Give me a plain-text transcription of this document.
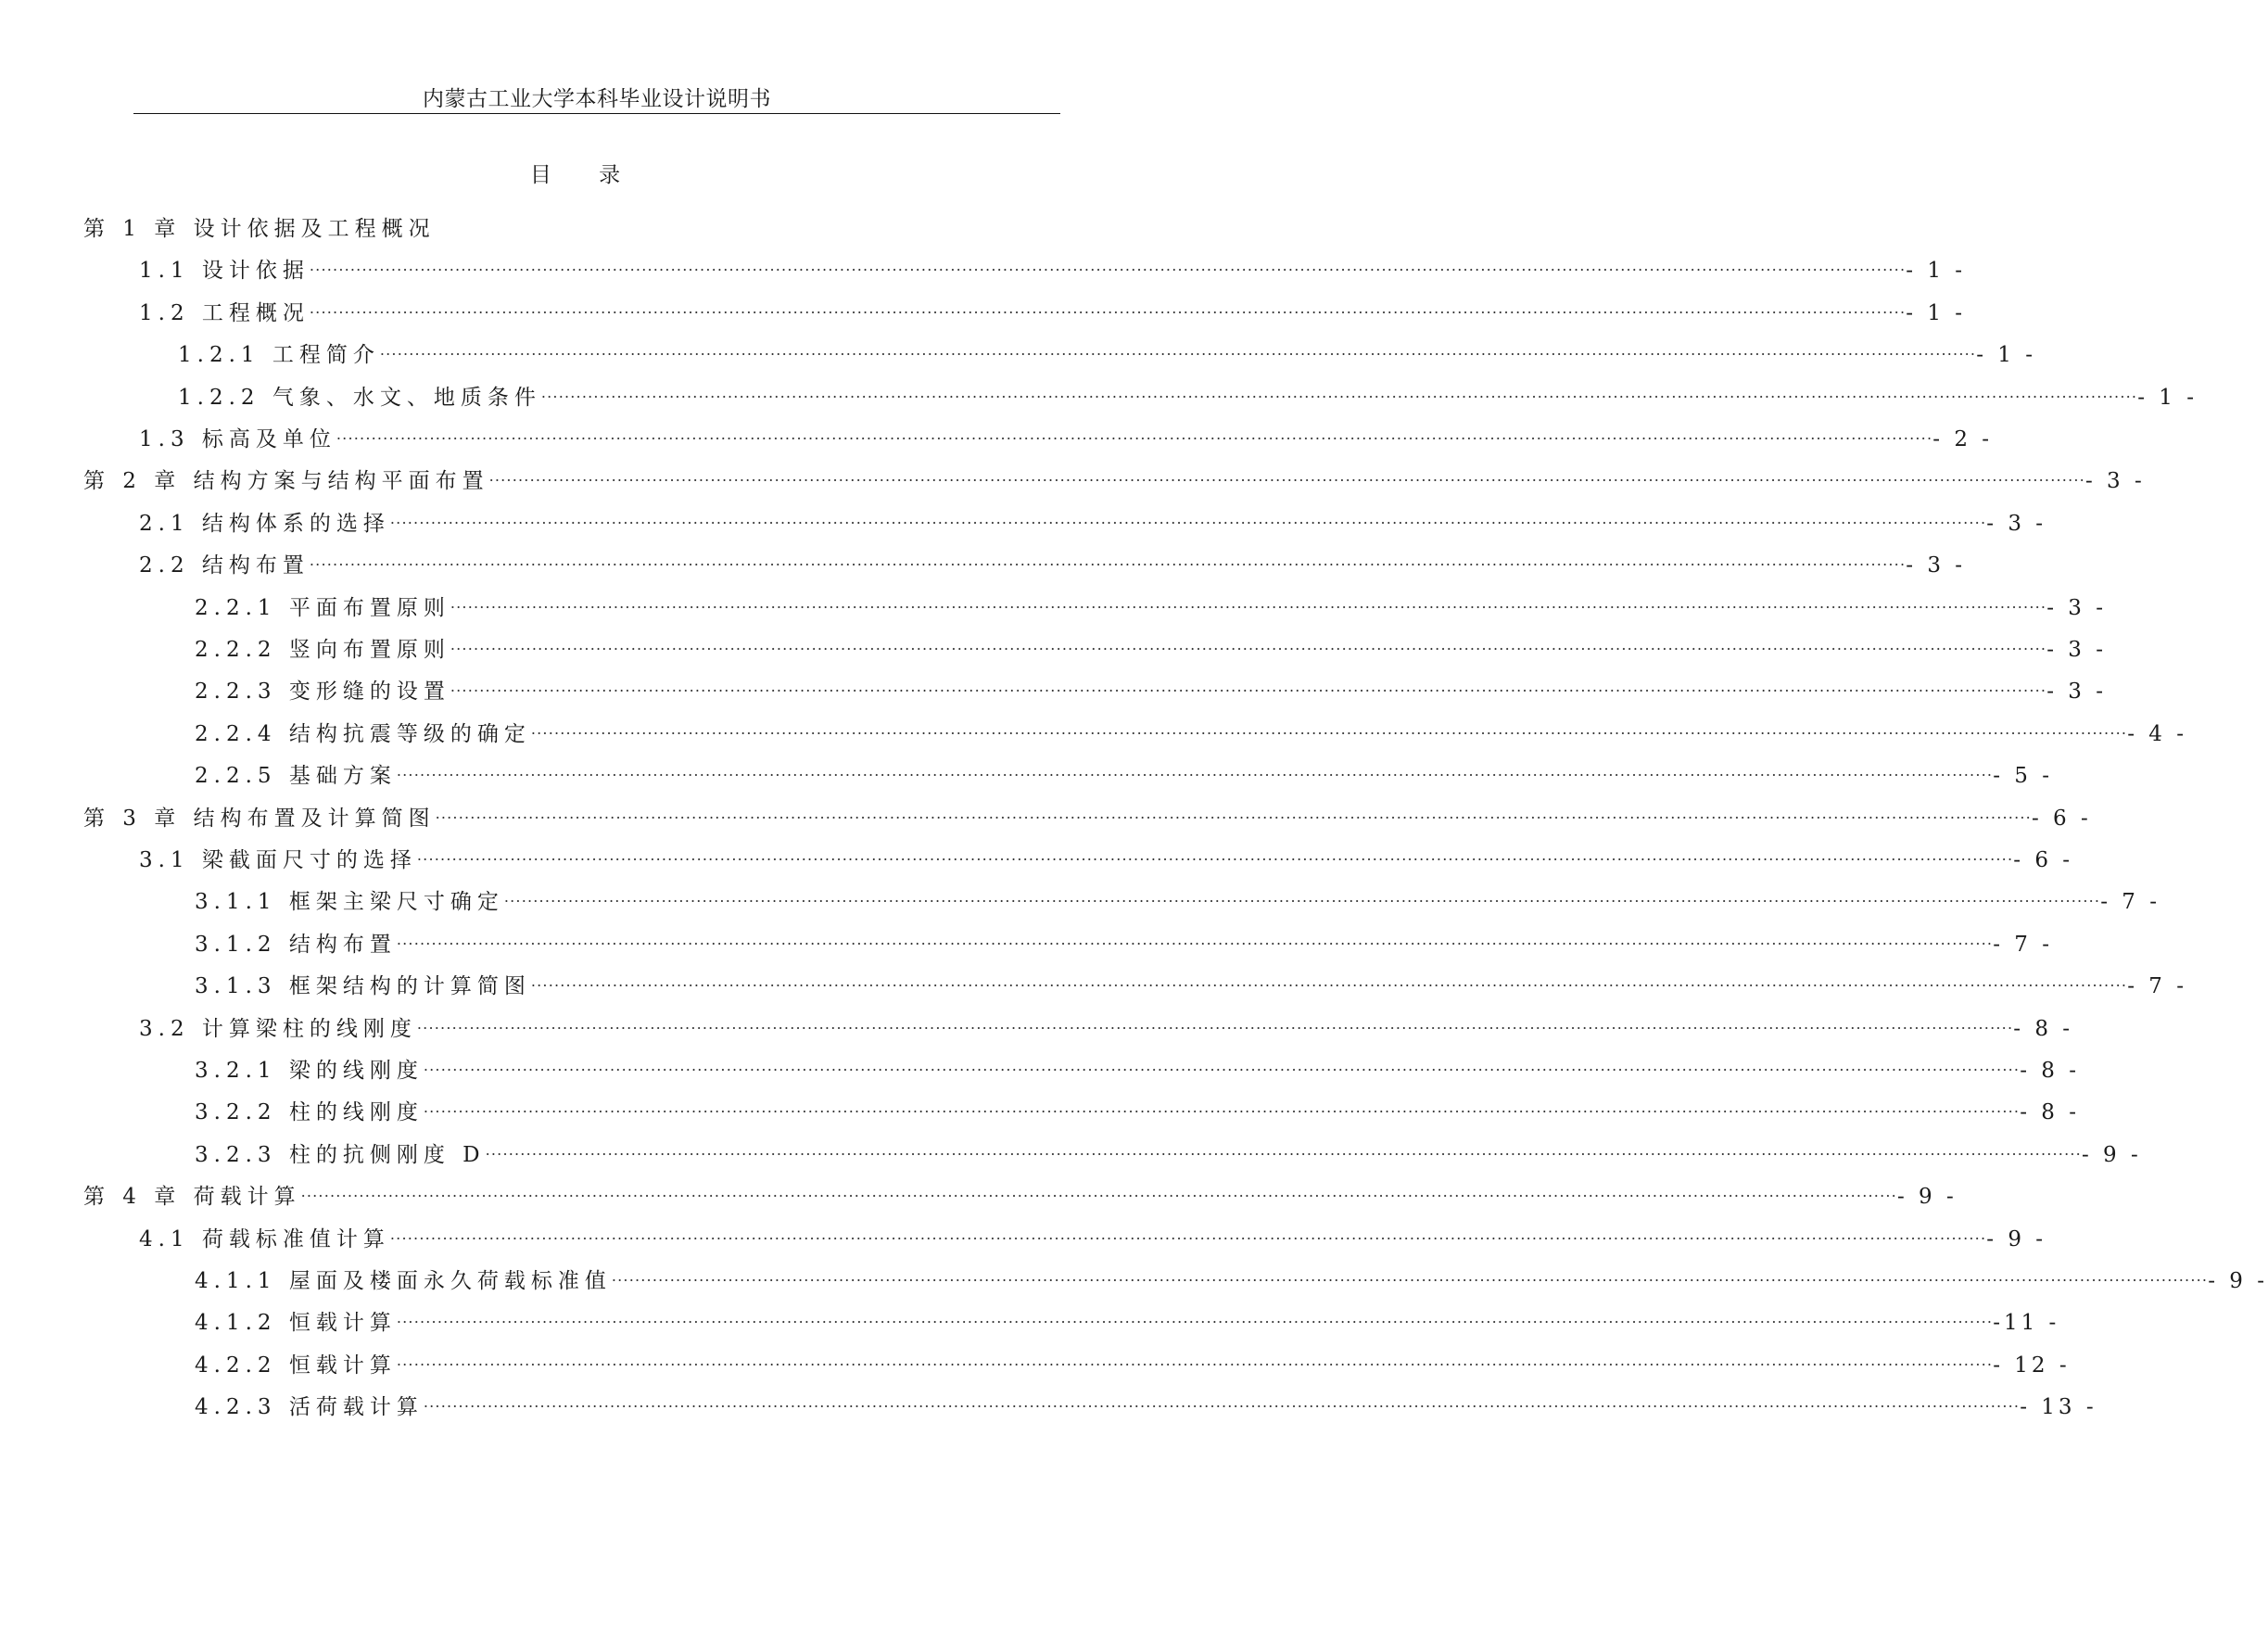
内蒙古工业大学本科毕业设计说明书
目 录
第 1 章 设计依据及工程概况
1.1 设计依据 .................................................................................................................................................................................................................................................................................. - 1 -
1.2 工程概况 .................................................................................................................................................................................................................................................................................. - 1 -
1.2.1 工程简介 .................................................................................................................................................................................................................................................................................. - 1 -
1.2.2 气象、水文、地质条件 .................................................................................................................................................................................................................................................................................. - 1 -
1.3 标高及单位 .................................................................................................................................................................................................................................................................................. - 2 -
第 2 章 结构方案与结构平面布置 .................................................................................................................................................................................................................................................................................. - 3 -
2.1 结构体系的选择 .................................................................................................................................................................................................................................................................................. - 3 -
2.2 结构布置 .................................................................................................................................................................................................................................................................................. - 3 -
2.2.1 平面布置原则 .................................................................................................................................................................................................................................................................................. - 3 -
2.2.2 竖向布置原则 .................................................................................................................................................................................................................................................................................. - 3 -
2.2.3 变形缝的设置 .................................................................................................................................................................................................................................................................................. - 3 -
2.2.4 结构抗震等级的确定 .................................................................................................................................................................................................................................................................................. - 4 -
2.2.5 基础方案 .................................................................................................................................................................................................................................................................................. - 5 -
第 3 章 结构布置及计算简图 .................................................................................................................................................................................................................................................................................. - 6 -
3.1 梁截面尺寸的选择 .................................................................................................................................................................................................................................................................................. - 6 -
3.1.1 框架主梁尺寸确定 .................................................................................................................................................................................................................................................................................. - 7 -
3.1.2 结构布置 .................................................................................................................................................................................................................................................................................. - 7 -
3.1.3 框架结构的计算简图 .................................................................................................................................................................................................................................................................................. - 7 -
3.2 计算梁柱的线刚度 .................................................................................................................................................................................................................................................................................. - 8 -
3.2.1 梁的线刚度 .................................................................................................................................................................................................................................................................................. - 8 -
3.2.2 柱的线刚度 .................................................................................................................................................................................................................................................................................. - 8 -
3.2.3 柱的抗侧刚度 D .................................................................................................................................................................................................................................................................................. - 9 -
第 4 章 荷载计算 .................................................................................................................................................................................................................................................................................. - 9 -
4.1 荷载标准值计算 .................................................................................................................................................................................................................................................................................. - 9 -
4.1.1 屋面及楼面永久荷载标准值 .................................................................................................................................................................................................................................................................................. - 9 -
4.1.2 恒载计算 .................................................................................................................................................................................................................................................................................. -11 -
4.2.2 恒载计算 .................................................................................................................................................................................................................................................................................. - 12 -
4.2.3 活荷载计算 .................................................................................................................................................................................................................................................................................. - 13 -
